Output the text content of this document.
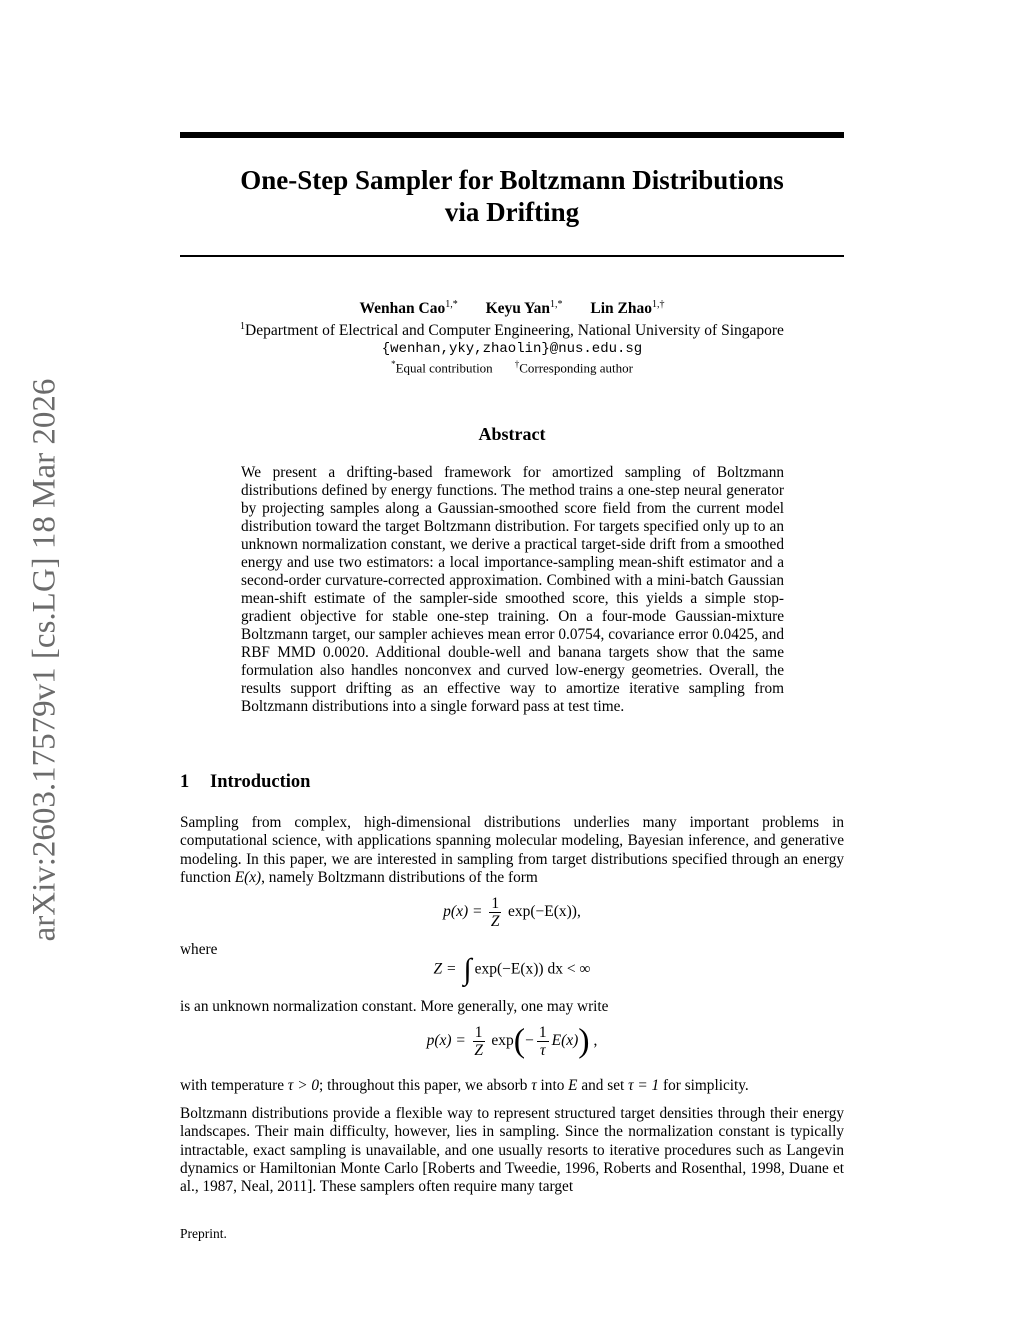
arXiv:2603.17579v1 [cs.LG] 18 Mar 2026
One-Step Sampler for Boltzmann Distributions
via Drifting
Wenhan Cao$^{1,*}$ Keyu Yan$^{1,*}$ Lin Zhao$^{1,\dagger}$
$^1$Department of Electrical and Computer Engineering, National University of Singapore
{wenhan,yky,zhaolin}@nus.edu.sg
*Equal contribution †Corresponding author
Abstract
We present a drifting-based framework for amortized sampling of Boltzmann distributions defined by energy functions. The method trains a one-step neural generator by projecting samples along a Gaussian-smoothed score field from the current model distribution toward the target Boltzmann distribution. For targets specified only up to an unknown normalization constant, we derive a practical target-side drift from a smoothed energy and use two estimators: a local importance-sampling mean-shift estimator and a second-order curvature-corrected approximation. Combined with a mini-batch Gaussian mean-shift estimate of the sampler-side smoothed score, this yields a simple stop-gradient objective for stable one-step training. On a four-mode Gaussian-mixture Boltzmann target, our sampler achieves mean error 0.0754, covariance error 0.0425, and RBF MMD 0.0020. Additional double-well and banana targets show that the same formulation also handles nonconvex and curved low-energy geometries. Overall, the results support drifting as an effective way to amortize iterative sampling from Boltzmann distributions into a single forward pass at test time.
1 Introduction
Sampling from complex, high-dimensional distributions underlies many important problems in computational science, with applications spanning molecular modeling, Bayesian inference, and generative modeling. In this paper, we are interested in sampling from target distributions specified through an energy function E(x), namely Boltzmann distributions of the form
$p(x) = \frac{1}{Z} \exp(-E(x))$,
where
Z = ∫ exp(−E(x)) dx < ∞
is an unknown normalization constant. More generally, one may write
$p(x) = \frac{1}{Z} \exp(- \frac{1}{\tau} E(x))$ ,
with temperature τ > 0; throughout this paper, we absorb τ into E and set τ = 1 for simplicity.
Boltzmann distributions provide a flexible way to represent structured target densities through their energy landscapes. Their main difficulty, however, lies in sampling. Since the normalization constant is typically intractable, exact sampling is unavailable, and one usually resorts to iterative procedures such as Langevin dynamics or Hamiltonian Monte Carlo [Roberts and Tweedie, 1996, Roberts and Rosenthal, 1998, Duane et al., 1987, Neal, 2011]. These samplers often require many target
Preprint.
